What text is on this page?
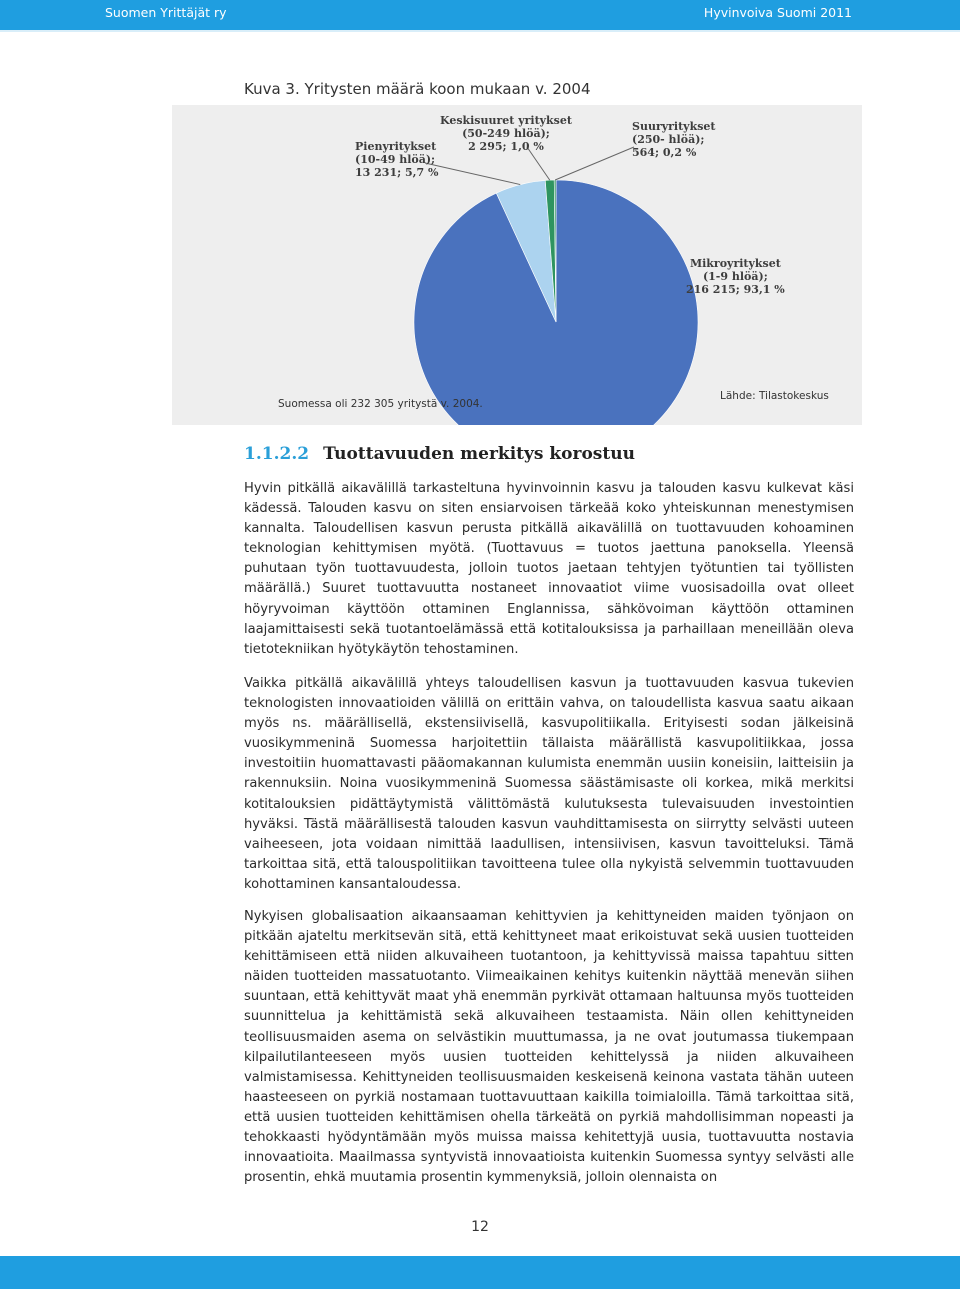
Suomen Yrittäjät ry	Hyvinvoiva Suomi 2011
Kuva 3. Yritysten määrä koon mukaan v. 2004
Mikroyritykset
(1-9 hlöä);
216 215; 93,1 %
Pienyritykset
(10-49 hlöä);
13 231; 5,7 %
Keskisuuret yritykset
(50-249 hlöä);
2 295; 1,0 %
Suuryritykset
(250- hlöä);
564; 0,2 %
Suomessa oli 232 305 yritystä v. 2004.
Lähde: Tilastokeskus
1.1.2.2 Tuottavuuden merkitys korostuu

Hyvin pitkällä aikavälillä tarkasteltuna hyvinvoinnin kasvu ja talouden kasvu kulkevat käsi kädessä. Talouden kasvu on siten ensiarvoisen tärkeää koko yhteiskunnan menestymisen kannalta. Taloudellisen kasvun perusta pitkällä aikavälillä on tuottavuuden kohoaminen teknologian kehittymisen myötä. (Tuottavuus = tuotos jaettuna panoksella. Yleensä puhutaan työn tuottavuudesta, jolloin tuotos jaetaan tehtyjen työtuntien tai työllisten määrällä.) Suuret tuottavuutta nostaneet innovaatiot viime vuosisadoilla ovat olleet höyryvoiman käyttöön ottaminen Englannissa, sähkövoiman käyttöön ottaminen laajamittaisesti sekä tuotantoelämässä että kotitalouksissa ja parhaillaan meneillään oleva tietotekniikan hyötykäytön tehostaminen.

Vaikka pitkällä aikavälillä yhteys taloudellisen kasvun ja tuottavuuden kasvua tukevien teknologisten innovaatioiden välillä on erittäin vahva, on taloudellista kasvua saatu aikaan myös ns. määrällisellä, ekstensiivisellä, kasvupolitiikalla. Erityisesti sodan jälkeisinä vuosikymmeninä Suomessa harjoitettiin tällaista määrällistä kasvupolitiikkaa, jossa investoitiin huomattavasti pääomakannan kulumista enemmän uusiin koneisiin, laitteisiin ja rakennuksiin. Noina vuosikymmeninä Suomessa säästämisaste oli korkea, mikä merkitsi kotitalouksien pidättäytymistä välittömästä kulutuksesta tulevaisuuden investointien hyväksi. Tästä määrällisestä talouden kasvun vauhdittamisesta on siirrytty selvästi uuteen vaiheeseen, jota voidaan nimittää laadullisen, intensiivisen, kasvun tavoitteluksi. Tämä tarkoittaa sitä, että talouspolitiikan tavoitteena tulee olla nykyistä selvemmin tuottavuuden kohottaminen kansantaloudessa.

Nykyisen globalisaation aikaansaaman kehittyvien ja kehittyneiden maiden työnjaon on pitkään ajateltu merkitsevän sitä, että kehittyneet maat erikoistuvat sekä uusien tuotteiden kehittämiseen että niiden alkuvaiheen tuotantoon, ja kehittyvissä maissa tapahtuu sitten näiden tuotteiden massatuotanto. Viimeaikainen kehitys kuitenkin näyttää menevän siihen suuntaan, että kehittyvät maat yhä enemmän pyrkivät ottamaan haltuunsa myös tuotteiden suunnittelua ja kehittämistä sekä alkuvaiheen testaamista. Näin ollen kehittyneiden teollisuusmaiden asema on selvästikin muuttumassa, ja ne ovat joutumassa tiukempaan kilpailutilanteeseen myös uusien tuotteiden kehittelyssä ja niiden alkuvaiheen valmistamisessa. Kehittyneiden teollisuusmaiden keskeisenä keinona vastata tähän uuteen haasteeseen on pyrkiä nostamaan tuottavuuttaan kaikilla toimialoilla. Tämä tarkoittaa sitä, että uusien tuotteiden kehittämisen ohella tärkeätä on pyrkiä mahdollisimman nopeasti ja tehokkaasti hyödyntämään myös muissa maissa kehitettyjä uusia, tuottavuutta nostavia innovaatioita. Maailmassa syntyvistä innovaatioista kuitenkin Suomessa syntyy selvästi alle prosentin, ehkä muutamia prosentin kymmenyksiä, jolloin olennaista on

12
